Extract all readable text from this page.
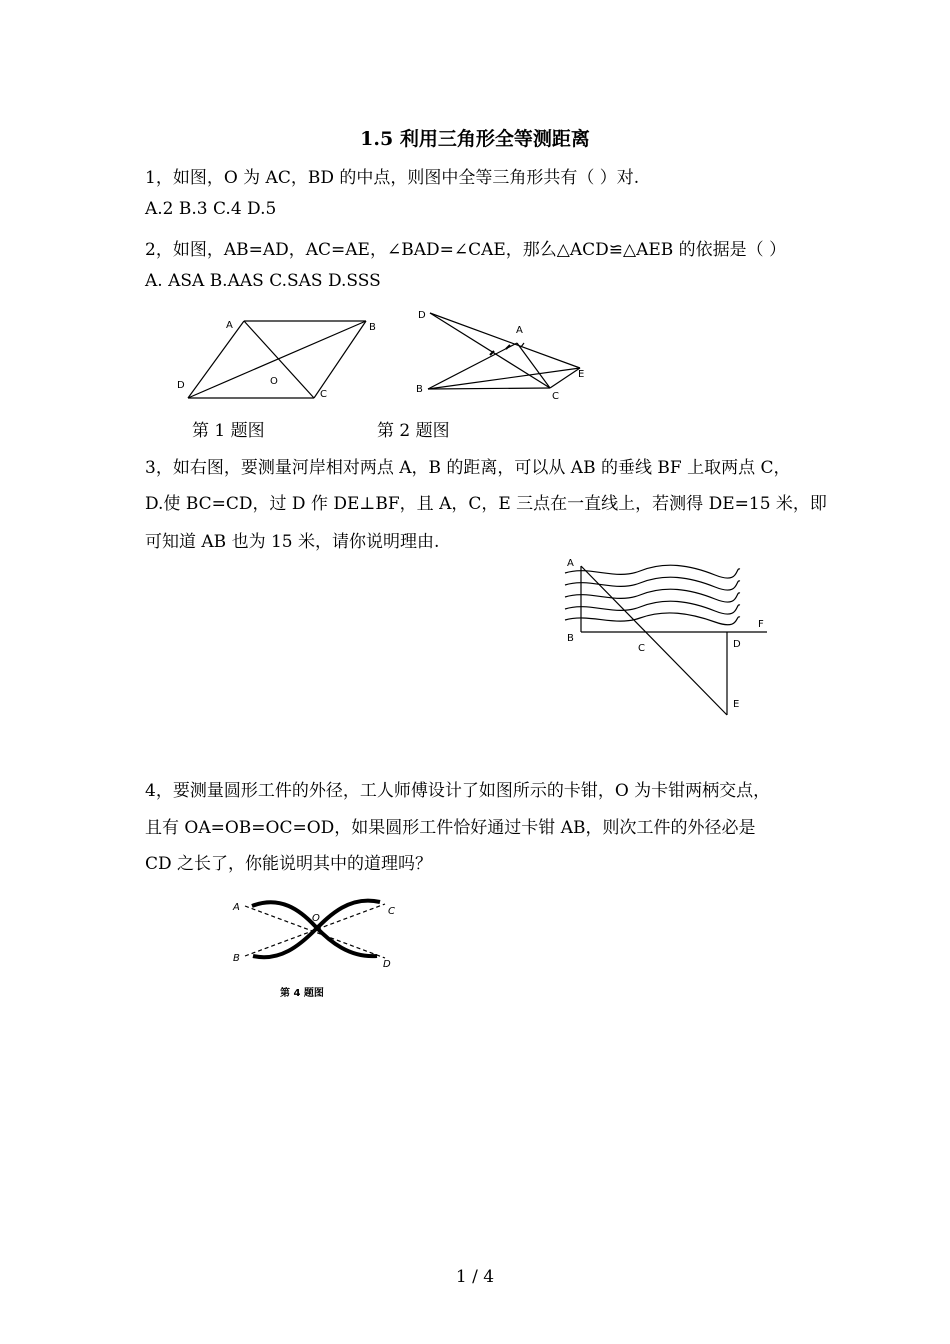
1.5 利用三角形全等测距离
1，如图，O 为 AC，BD 的中点，则图中全等三角形共有（ ）对.
A.2 B.3 C.4 D.5
2，如图，AB=AD，AC=AE，∠BAD=∠CAE，那么△ACD≌△AEB 的依据是（ ）
A. ASA B.AAS C.SAS D.SSS
A	B
C
D	O
A
B
C
D
E
第 1 题图	第 2 题图
3，如右图，要测量河岸相对两点 A，B 的距离，可以从 AB 的垂线 BF 上取两点 C，
D.使 BC=CD，过 D 作 DE⊥BF，且 A，C，E 三点在一直线上，若测得 DE=15 米，即
可知道 AB 也为 15 米，请你说明理由.
A
B
C	D
E
F
4，要测量圆形工件的外径，工人师傅设计了如图所示的卡钳，O 为卡钳两柄交点，
且有 OA=OB=OC=OD，如果圆形工件恰好通过卡钳 AB，则次工件的外径必是
CD 之长了，你能说明其中的道理吗？
A
B
C
D
O
第 4 题图
1 / 4
